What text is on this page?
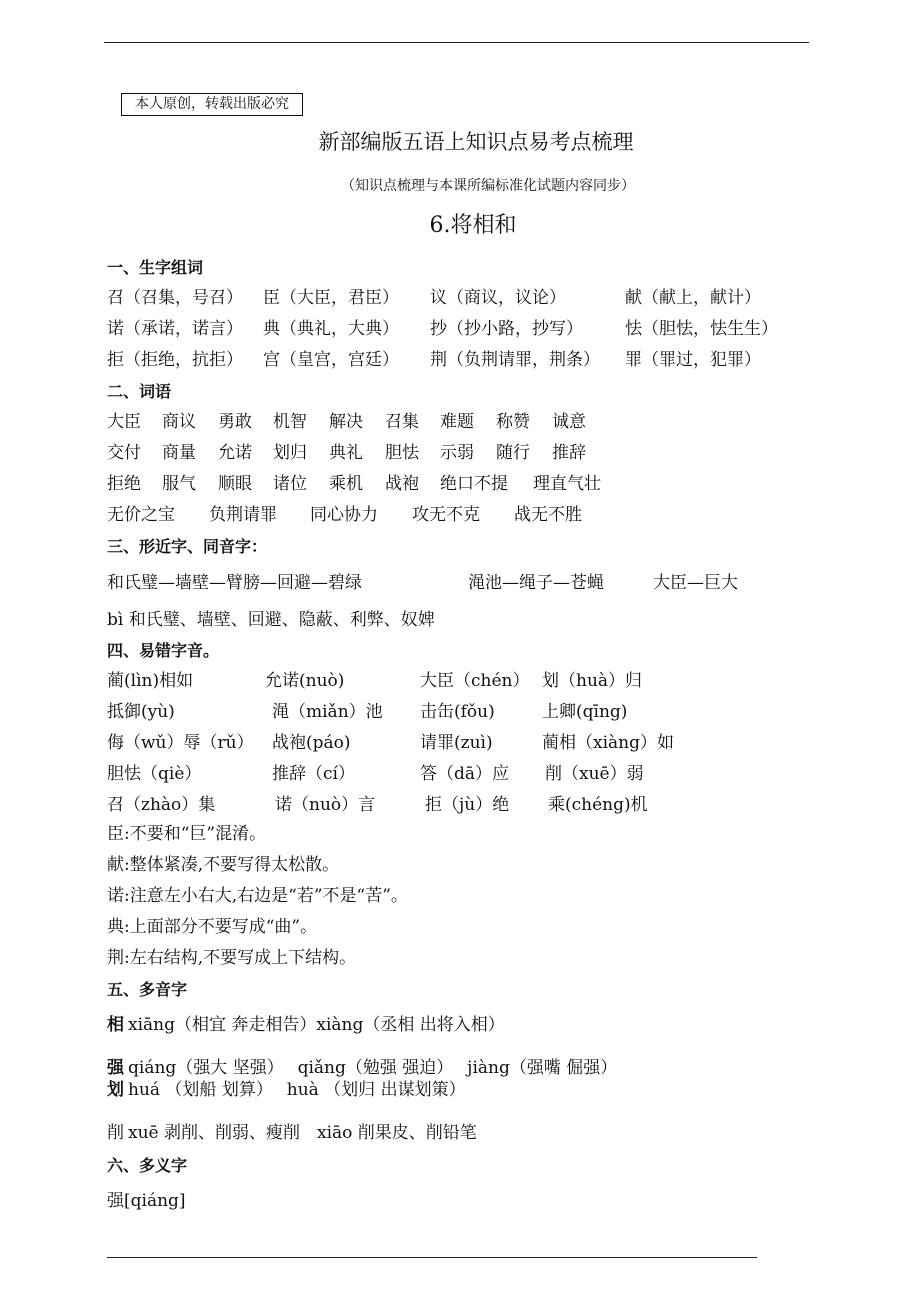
本人原创，转载出版必究
新部编版五语上知识点易考点梳理
（知识点梳理与本课所编标准化试题内容同步）
6.将相和
一、生字组词
召（召集，号召） 臣（大臣，君臣） 议（商议，议论）	献（献上，献计）
诺（承诺，诺言） 典（典礼，大典） 抄（抄小路，抄写） 怯（胆怯，怯生生）
拒（拒绝，抗拒） 宫（皇宫，宫廷） 荆（负荆请罪，荆条） 罪（罪过，犯罪）
二、词语
大臣 商议 勇敢 机智 解决 召集 难题 称赞 诚意
交付 商量 允诺 划归 典礼 胆怯 示弱 随行 推辞
拒绝 服气 顺眼 诸位 乘机 战袍 绝口不提 理直气壮
无价之宝 负荆请罪 同心协力 攻无不克 战无不胜
三、形近字、同音字：
和氏璧—墙壁—臂膀—回避—碧绿	渑池—绳子—苍蝇	大臣—巨大
bì 和氏璧、墙壁、回避、隐蔽、利弊、奴婢
四、易错字音。
蔺(lìn)相如	允诺(nuò)	大臣（chén） 划（huà）归
抵御(yù)	渑（miǎn）池 击缶(fǒu)	上卿(qīng)
侮（wǔ）辱（rǔ） 战袍(páo)	请罪(zuì)	蔺相（xiàng）如
胆怯（qiè）	推辞（cí）	答（dā）应 削（xuē）弱
召（zhào）集	诺（nuò）言	拒（jù）绝 乘(chéng)机
臣:不要和“巨”混淆。
献:整体紧凑,不要写得太松散。
诺:注意左小右大,右边是“若”不是“苦”。
典:上面部分不要写成“曲”。
荆:左右结构,不要写成上下结构。
五、多音字
相 xiāng（相宜 奔走相告）xiàng（丞相 出将入相）
强 qiáng（强大 坚强）　 qiǎng（勉强 强迫）　 jiàng（强嘴 倔强）
划 huá （划船 划算）　 huà （划归 出谋划策）
削 xuē 剥削、削弱、瘦削　xiāo 削果皮、削铅笔
六、多义字
强[qiáng]
